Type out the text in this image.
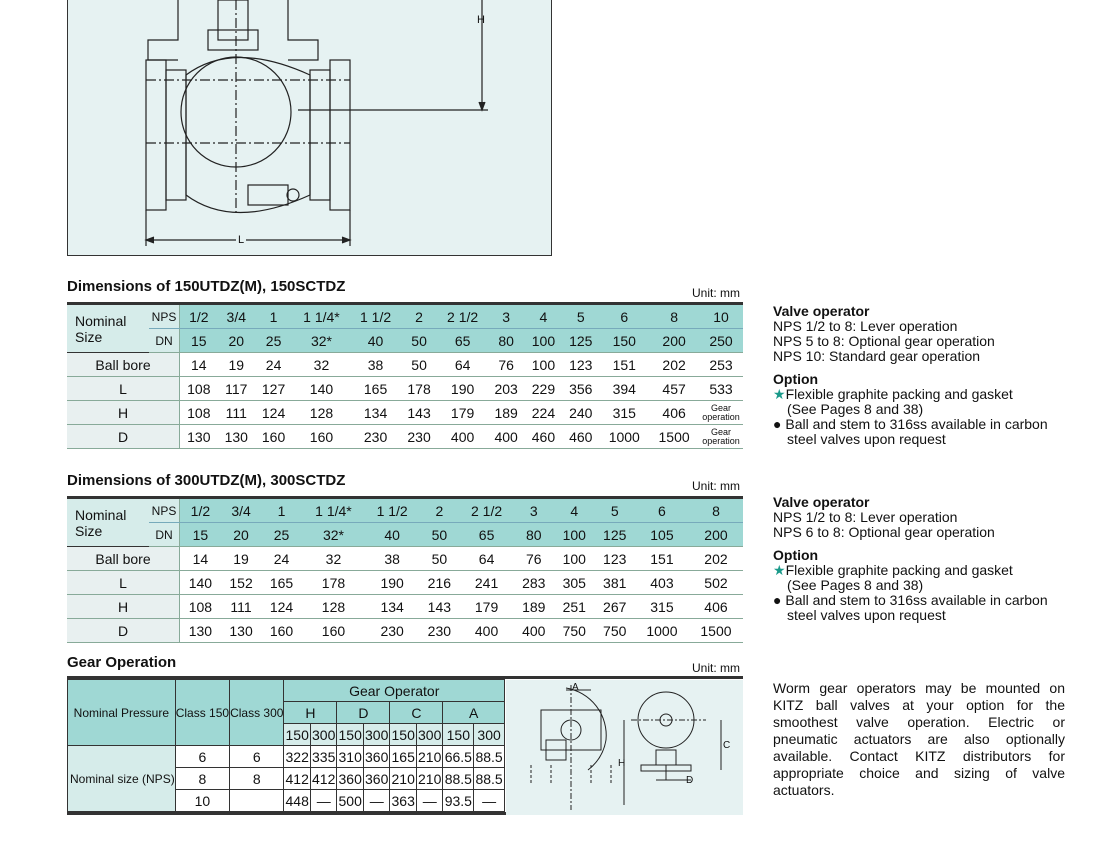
H
L
Dimensions of 150UTDZ(M), 150SCTDZ	Unit: mm
Nominal
Size	NPS	1/2	3/4	1	1 1/4*	1 1/2	2	2 1/2	3	4	5	6	8	10
	DN	15	20	25	32*	40	50	65	80	100	125	150	200	250
Ball bore		14	19	24	32	38	50	64	76	100	123	151	202	253
L		108	117	127	140	165	178	190	203	229	356	394	457	533
H		108	111	124	128	134	143	179	189	224	240	315	406	Gear operation
D		130	130	160	160	230	230	400	400	460	460	1000	1500	Gear operation
Valve operator
NPS 1/2 to 8: Lever operation
NPS 5 to 8: Optional gear operation
NPS 10: Standard gear operation
Option
★Flexible graphite packing and gasket
(See Pages 8 and 38)
● Ball and stem to 316ss available in carbon
steel valves upon request
Dimensions of 300UTDZ(M), 300SCTDZ	Unit: mm
Nominal
Size	NPS	1/2	3/4	1	1 1/4*	1 1/2	2	2 1/2	3	4	5	6	8
	DN	15	20	25	32*	40	50	65	80	100	125	105	200
Ball bore		14	19	24	32	38	50	64	76	100	123	151	202
L		140	152	165	178	190	216	241	283	305	381	403	502
H		108	111	124	128	134	143	179	189	251	267	315	406
D		130	130	160	160	230	230	400	400	750	750	1000	1500
Valve operator
NPS 1/2 to 8: Lever operation
NPS 6 to 8: Optional gear operation
Option
★Flexible graphite packing and gasket
(See Pages 8 and 38)
● Ball and stem to 316ss available in carbon
steel valves upon request
Gear Operation	Unit: mm
Nominal Pressure	Class 150	Class 300	Gear Operator							
			H		D		C		A	
			150	300	150	300	150	300	150	300
Nominal size (NPS)	6	6	322	335	310	360	165	210	66.5	88.5
	8	8	412	412	360	360	210	210	88.5	88.5
	10		448	—	500	—	363	—	93.5	—
A
H
C
D
Worm gear operators may be mounted on KITZ ball valves at your option for the smoothest valve operation. Electric or pneumatic actuators are also optionally available. Contact KITZ distributors for appropriate choice and sizing of valve actuators.
